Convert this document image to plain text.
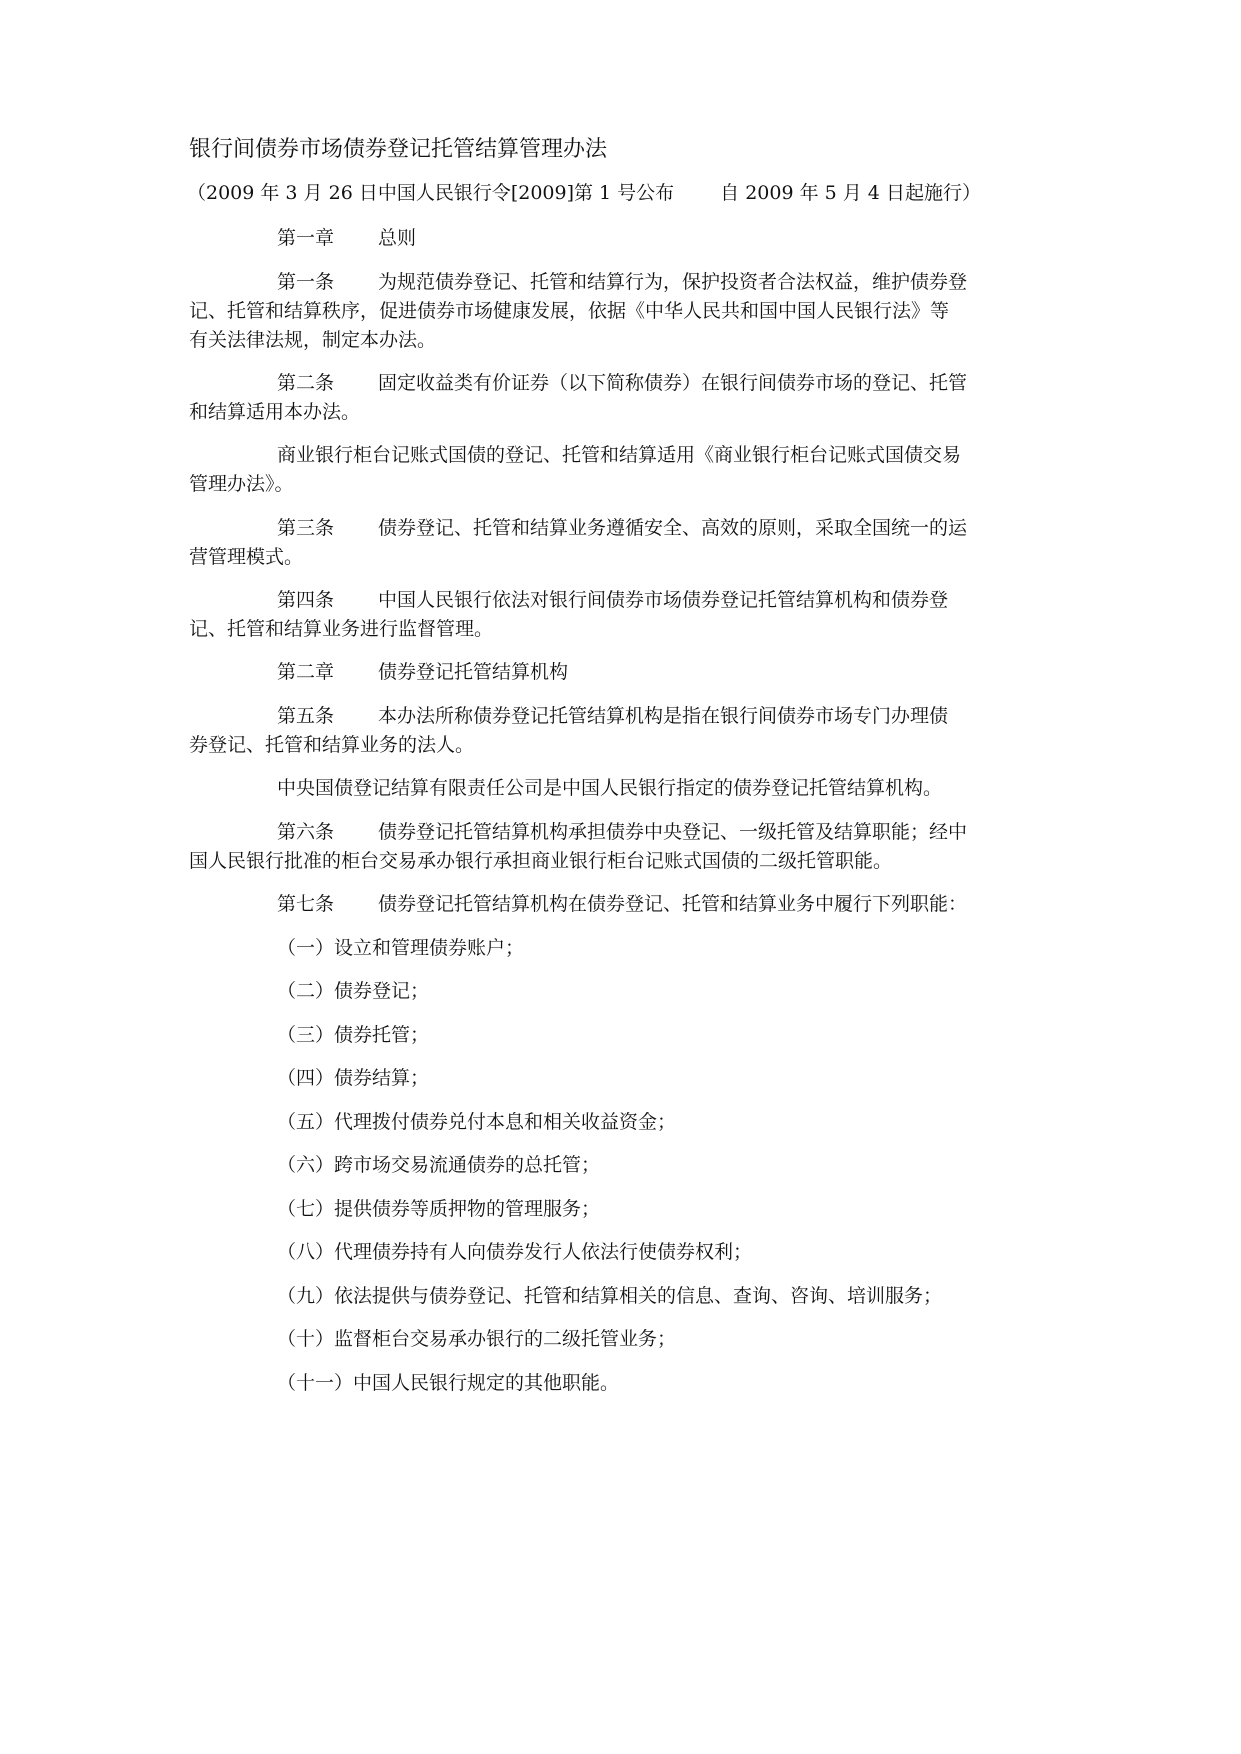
银行间债券市场债券登记托管结算管理办法
（2009 年 3 月 26 日中国人民银行令[2009]第 1 号公布 自 2009 年 5 月 4 日起施行）
第一章 总则
第一条 为规范债券登记、托管和结算行为，保护投资者合法权益，维护债券登
记、托管和结算秩序，促进债券市场健康发展，依据《中华人民共和国中国人民银行法》等
有关法律法规，制定本办法。
第二条 固定收益类有价证券（以下简称债券）在银行间债券市场的登记、托管
和结算适用本办法。
商业银行柜台记账式国债的登记、托管和结算适用《商业银行柜台记账式国债交易
管理办法》。
第三条 债券登记、托管和结算业务遵循安全、高效的原则，采取全国统一的运
营管理模式。
第四条 中国人民银行依法对银行间债券市场债券登记托管结算机构和债券登
记、托管和结算业务进行监督管理。
第二章 债券登记托管结算机构
第五条 本办法所称债券登记托管结算机构是指在银行间债券市场专门办理债
券登记、托管和结算业务的法人。
中央国债登记结算有限责任公司是中国人民银行指定的债券登记托管结算机构。
第六条 债券登记托管结算机构承担债券中央登记、一级托管及结算职能；经中
国人民银行批准的柜台交易承办银行承担商业银行柜台记账式国债的二级托管职能。
第七条 债券登记托管结算机构在债券登记、托管和结算业务中履行下列职能：
（一）设立和管理债券账户；
（二）债券登记；
（三）债券托管；
（四）债券结算；
（五）代理拨付债券兑付本息和相关收益资金；
（六）跨市场交易流通债券的总托管；
（七）提供债券等质押物的管理服务；
（八）代理债券持有人向债券发行人依法行使债券权利；
（九）依法提供与债券登记、托管和结算相关的信息、查询、咨询、培训服务；
（十）监督柜台交易承办银行的二级托管业务；
（十一）中国人民银行规定的其他职能。
